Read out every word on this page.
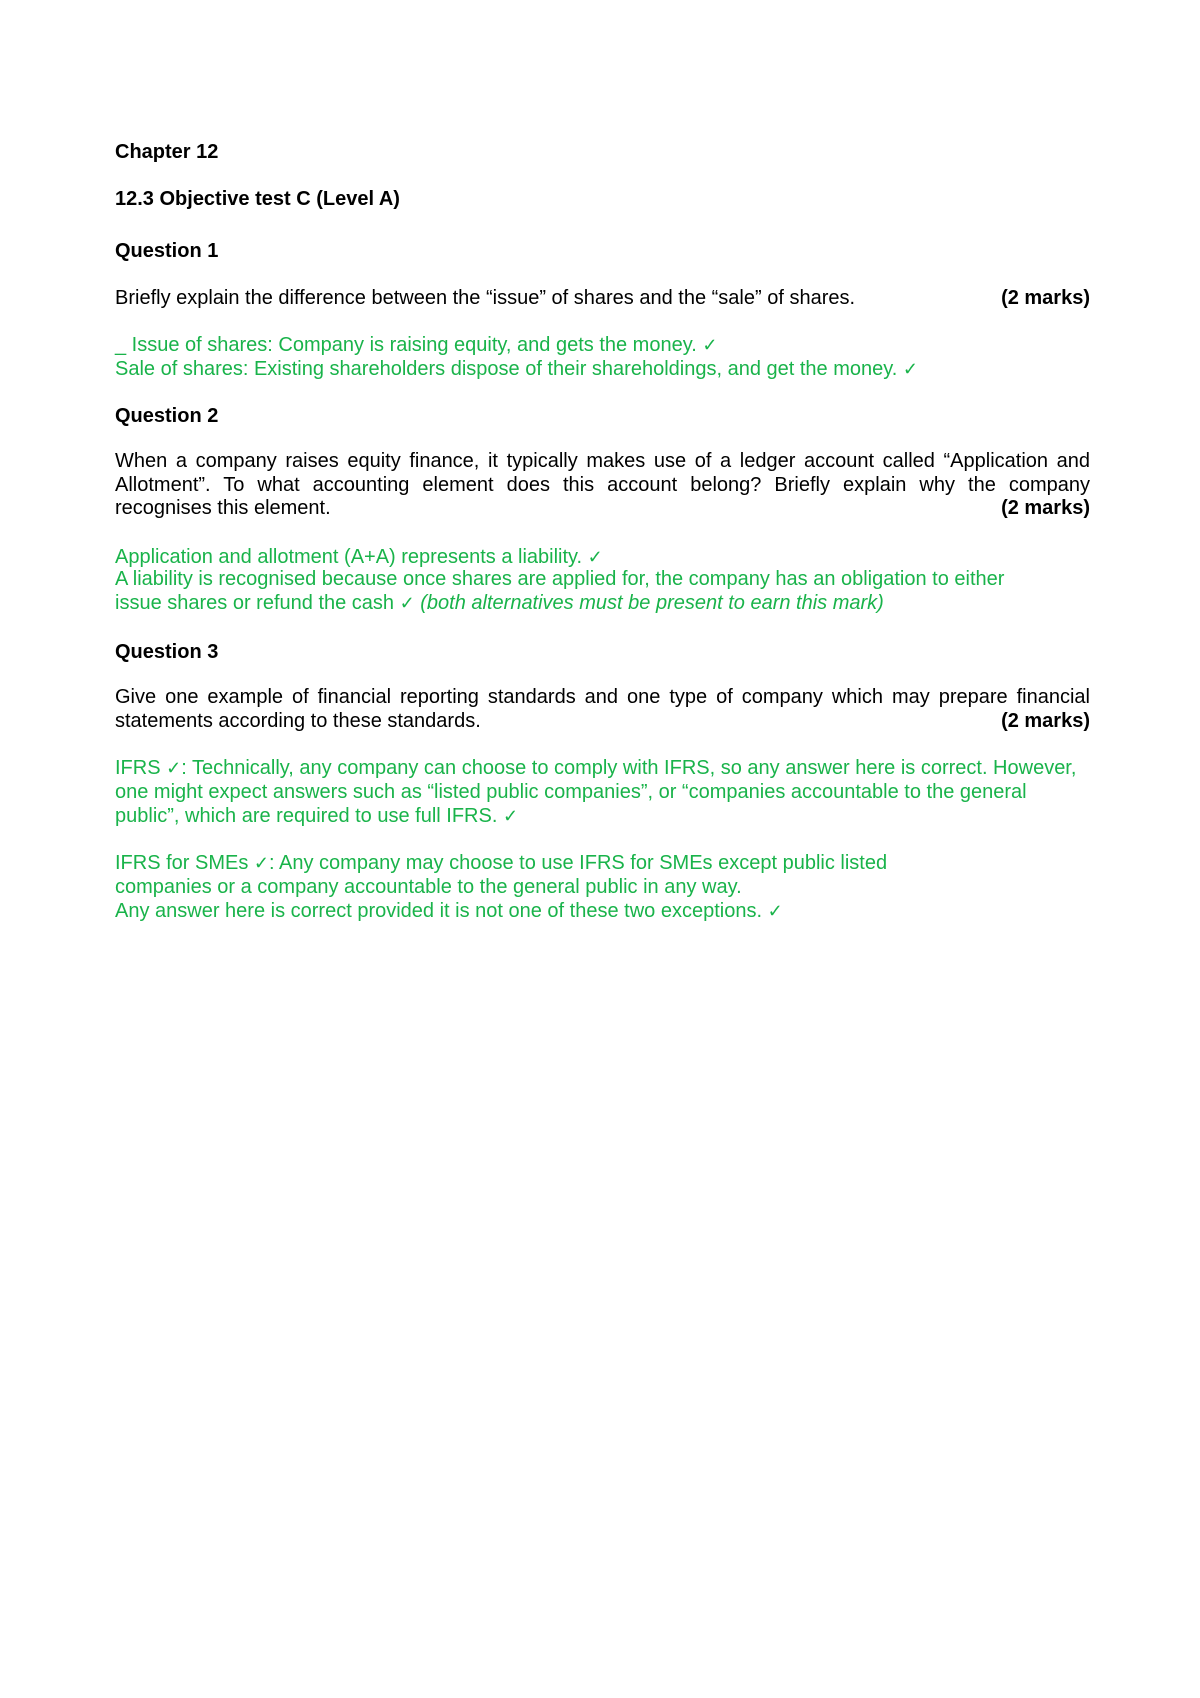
Chapter 12

12.3 Objective test C (Level A)

Question 1

Briefly explain the difference between the “issue” of shares and the “sale” of shares.	(2 marks)

_ Issue of shares: Company is raising equity, and gets the money. ✓

Sale of shares: Existing shareholders dispose of their shareholdings, and get the money. ✓

Question 2

When a company raises equity finance, it typically makes use of a ledger account called “Application and Allotment”. To what accounting element does this account belong? Briefly explain why the company recognises this element.	(2 marks)

Application and allotment (A+A) represents a liability. ✓

A liability is recognised because once shares are applied for, the company has an obligation to either issue shares or refund the cash ✓ (both alternatives must be present to earn this mark)

Question 3

Give one example of financial reporting standards and one type of company which may prepare financial statements according to these standards.	(2 marks)

IFRS ✓: Technically, any company can choose to comply with IFRS, so any answer here is correct. However, one might expect answers such as “listed public companies”, or “companies accountable to the general public”, which are required to use full IFRS. ✓

IFRS for SMEs ✓: Any company may choose to use IFRS for SMEs except public listed companies or a company accountable to the general public in any way.
Any answer here is correct provided it is not one of these two exceptions. ✓
